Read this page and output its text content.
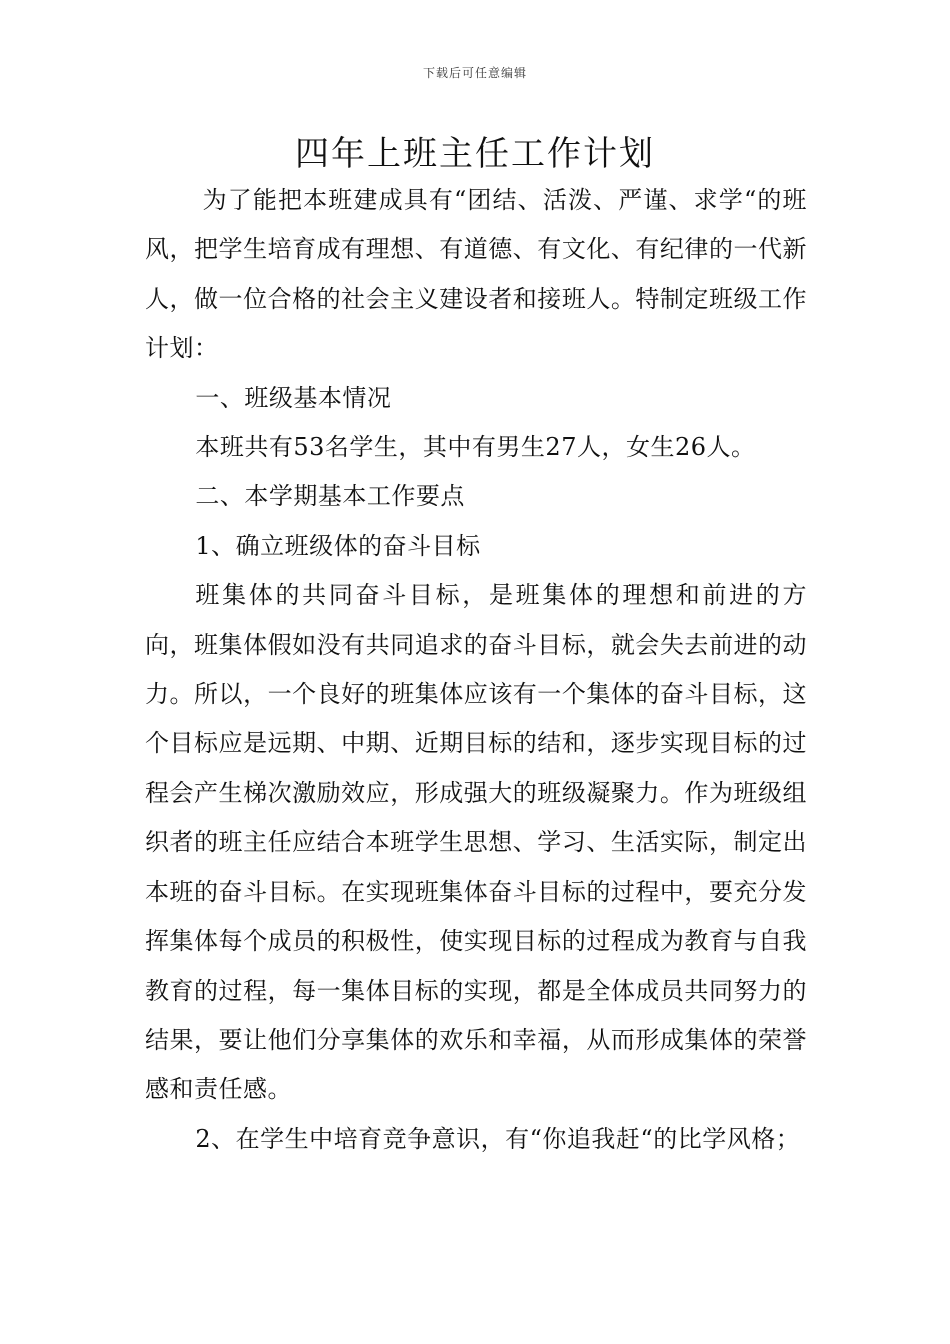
下载后可任意编辑
四年上班主任工作计划

为了能把本班建成具有“团结、活泼、严谨、求学“的班风，把学生培育成有理想、有道德、有文化、有纪律的一代新人，做一位合格的社会主义建设者和接班人。特制定班级工作计划：

一、班级基本情况

本班共有53名学生，其中有男生27人，女生26人。

二、本学期基本工作要点

1、确立班级体的奋斗目标

班集体的共同奋斗目标，是班集体的理想和前进的方向，班集体假如没有共同追求的奋斗目标，就会失去前进的动力。所以，一个良好的班集体应该有一个集体的奋斗目标，这个目标应是远期、中期、近期目标的结和，逐步实现目标的过程会产生梯次激励效应，形成强大的班级凝聚力。作为班级组织者的班主任应结合本班学生思想、学习、生活实际，制定出本班的奋斗目标。在实现班集体奋斗目标的过程中，要充分发挥集体每个成员的积极性，使实现目标的过程成为教育与自我教育的过程，每一集体目标的实现，都是全体成员共同努力的结果，要让他们分享集体的欢乐和幸福，从而形成集体的荣誉感和责任感。

2、在学生中培育竞争意识，有“你追我赶“的比学风格；
